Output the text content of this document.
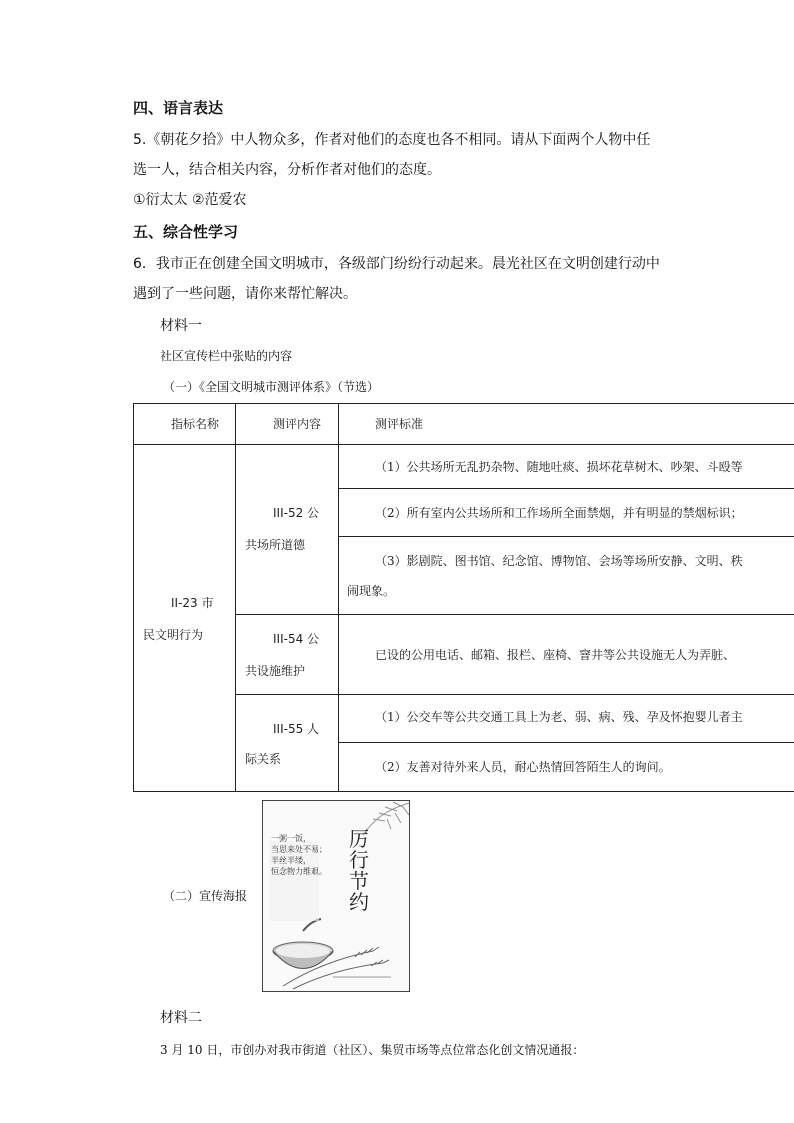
四、语言表达
5.《朝花夕拾》中人物众多，作者对他们的态度也各不相同。请从下面两个人物中任
选一人，结合相关内容，分析作者对他们的态度。
①衍太太 ②范爱农
五、综合性学习
6．我市正在创建全国文明城市，各级部门纷纷行动起来。晨光社区在文明创建行动中
遇到了一些问题，请你来帮忙解决。
材料一
社区宣传栏中张贴的内容
（一）《全国文明城市测评体系》（节选）
指标名称	测评内容	测评标准
II-23 市
民文明行为
III-52 公
共场所道德
III-54 公
共设施维护
III-55 人
际关系
（1）公共场所无乱扔杂物、随地吐痰、损坏花草树木、吵架、斗殴等
（2）所有室内公共场所和工作场所全面禁烟，并有明显的禁烟标识；
（3）影剧院、图书馆、纪念馆、博物馆、会场等场所安静、文明、秩
闹现象。
已设的公用电话、邮箱、报栏、座椅、窨井等公共设施无人为弄脏、
（1）公交车等公共交通工具上为老、弱、病、残、孕及怀抱婴儿者主
（2）友善对待外来人员，耐心热情回答陌生人的询问。
（二）宣传海报
厉行节约
一粥一饭，
当思来处不易；
半丝半缕，
恒念物力维艰。
材料二
3 月 10 日，市创办对我市街道（社区）、集贸市场等点位常态化创文情况通报：
